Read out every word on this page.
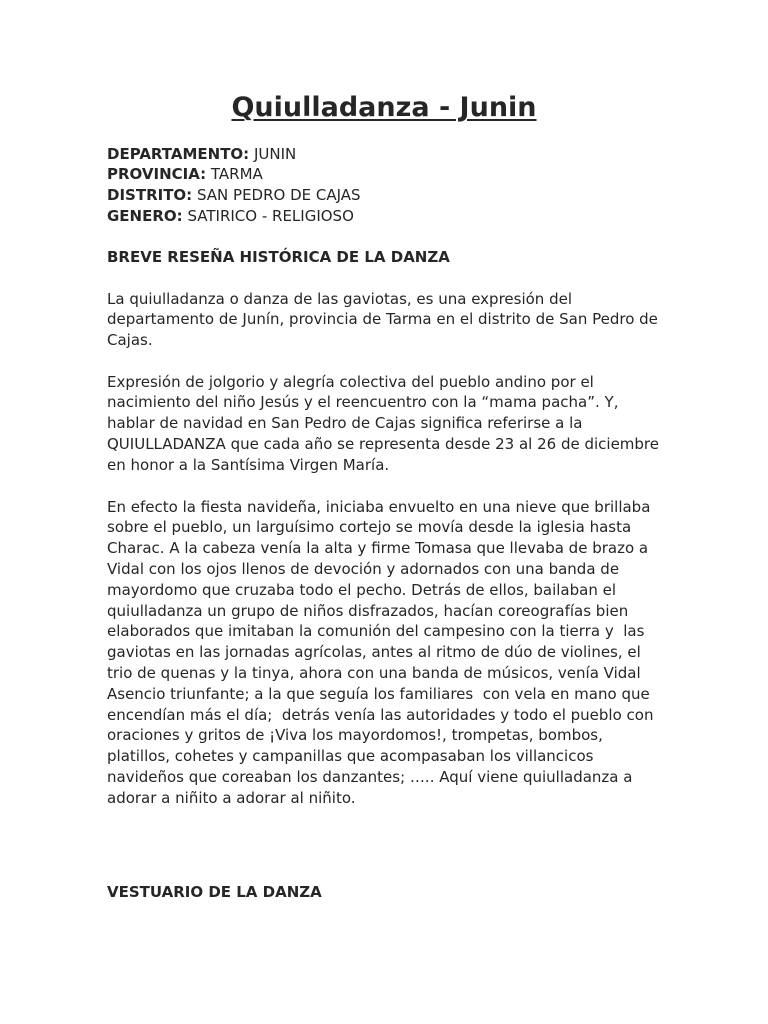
Quiulladanza - Junin
DEPARTAMENTO: JUNIN
PROVINCIA: TARMA
DISTRITO: SAN PEDRO DE CAJAS
GENERO: SATIRICO - RELIGIOSO
BREVE RESEÑA HISTÓRICA DE LA DANZA
La quiulladanza o danza de las gaviotas, es una expresión del
departamento de Junín, provincia de Tarma en el distrito de San Pedro de
Cajas.
Expresión de jolgorio y alegría colectiva del pueblo andino por el
nacimiento del niño Jesús y el reencuentro con la “mama pacha”. Y,
hablar de navidad en San Pedro de Cajas significa referirse a la
QUIULLADANZA que cada año se representa desde 23 al 26 de diciembre
en honor a la Santísima Virgen María.
En efecto la fiesta navideña, iniciaba envuelto en una nieve que brillaba
sobre el pueblo, un larguísimo cortejo se movía desde la iglesia hasta
Charac. A la cabeza venía la alta y firme Tomasa que llevaba de brazo a
Vidal con los ojos llenos de devoción y adornados con una banda de
mayordomo que cruzaba todo el pecho. Detrás de ellos, bailaban el
quiulladanza un grupo de niños disfrazados, hacían coreografías bien
elaborados que imitaban la comunión del campesino con la tierra y  las
gaviotas en las jornadas agrícolas, antes al ritmo de dúo de violines, el
trio de quenas y la tinya, ahora con una banda de músicos, venía Vidal
Asencio triunfante; a la que seguía los familiares  con vela en mano que
encendían más el día;  detrás venía las autoridades y todo el pueblo con
oraciones y gritos de ¡Viva los mayordomos!, trompetas, bombos,
platillos, cohetes y campanillas que acompasaban los villancicos
navideños que coreaban los danzantes; ….. Aquí viene quiulladanza a
adorar a niñito a adorar al niñito.
VESTUARIO DE LA DANZA
